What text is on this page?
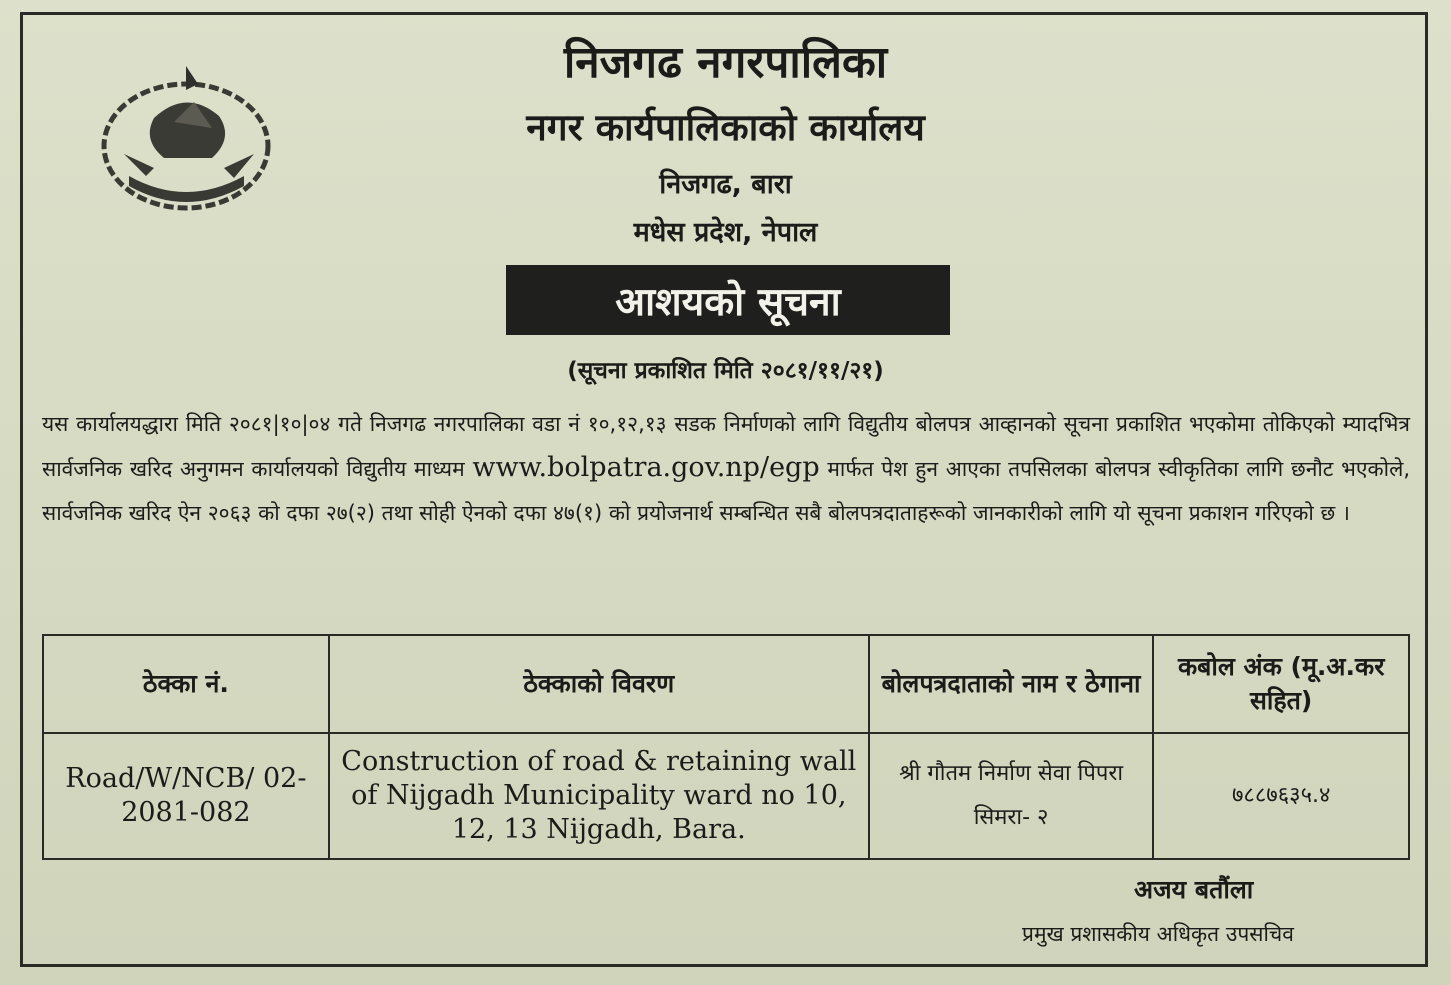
निजगढ नगरपालिका
नगर कार्यपालिकाको कार्यालय
निजगढ, बारा
मधेस प्रदेश, नेपाल
आशयको सूचना
(सूचना प्रकाशित मिति २०८१/११/२१)
यस कार्यालयद्धारा मिति २०८१|१०|०४ गते निजगढ नगरपालिका वडा नं १०,१२,१३ सडक निर्माणको लागि विद्युतीय बोलपत्र आव्हानको सूचना प्रकाशित भएकोमा तोकिएको म्यादभित्र सार्वजनिक खरिद अनुगमन कार्यालयको विद्युतीय माध्यम www.bolpatra.gov.np/egp मार्फत पेश हुन आएका तपसिलका बोलपत्र स्वीकृतिका लागि छनौट भएकोले, सार्वजनिक खरिद ऐन २०६३ को दफा २७(२) तथा सोही ऐनको दफा ४७(१) को प्रयोजनार्थ सम्बन्धित सबै बोलपत्रदाताहरूको जानकारीको लागि यो सूचना प्रकाशन गरिएको छ ।
ठेक्का नं.	ठेक्काको विवरण	बोलपत्रदाताको नाम र ठेगाना	कबोल अंक (मू.अ.कर सहित)
Road/W/NCB/ 02-2081-082	Construction of road & retaining wall of Nijgadh Municipality ward no 10, 12, 13 Nijgadh, Bara.	श्री गौतम निर्माण सेवा पिपरा सिमरा- २	७८८७६३५.४
अजय बतौंला
प्रमुख प्रशासकीय अधिकृत उपसचिव
